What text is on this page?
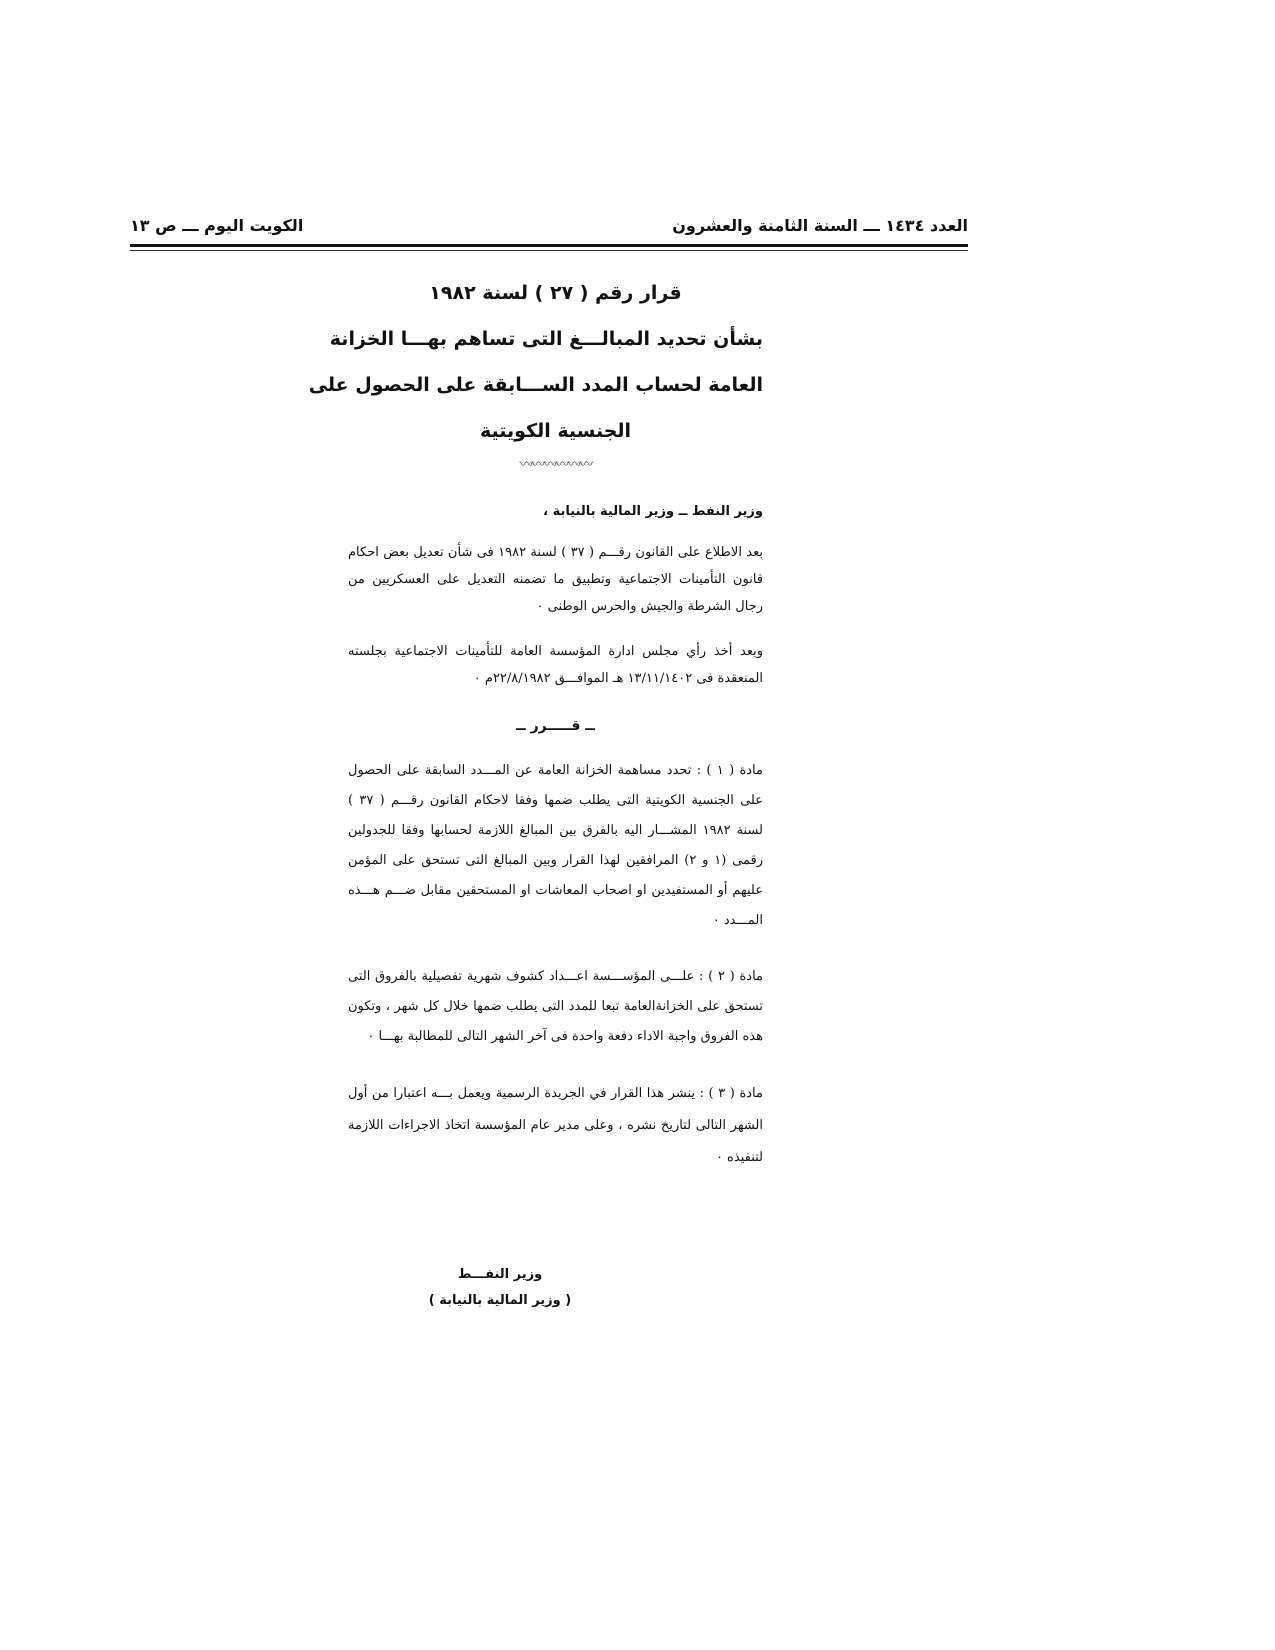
العدد ١٤٣٤ ـــ السنة الثامنة والعشرون
الكويت اليوم ـــ ص ١٣
قرار رقم ( ٢٧ ) لسنة ١٩٨٢
بشأن تحديد المبالـــغ التى تساهم بهـــا الخزانة
العامة لحساب المدد الســـابقة على الحصول على
الجنسية الكويتية
〰〰〰〰〰〰
وزير النفط ــ وزير المالية بالنيابة ،

بعد الاطلاع على القانون رقـــم ( ٣٧ ) لسنة ١٩٨٢ فى شأن تعديل بعض احكام قانون التأمينات الاجتماعية وتطبيق ما تضمنه التعديل على العسكريين من رجال الشرطة والجيش والحرس الوطنى ٠

وبعد أخذ رأي مجلس ادارة المؤسسة العامة للتأمينات الاجتماعية بجلسته المنعقدة فى ١٣/١١/١٤٠٢ هـ الموافـــق ٢٢/٨/١٩٨٢م ٠

ــ قـــــرر ــ

مادة ( ١ ) : تحدد مساهمة الخزانة العامة عن المـــدد السابقة على الحصول على الجنسية الكويتية التى يطلب ضمها وفقا لاحكام القانون رقـــم ( ٣٧ ) لسنة ١٩٨٢ المشـــار اليه بالفرق بين المبالغ اللازمة لحسابها وفقا للجدولين رقمى (١ و ٢) المرافقين لهذا القرار وبين المبالغ التى تستحق على المؤمن عليهم أو المستفيدين او اصحاب المعاشات او المستحقين مقابل ضـــم هـــذه المـــدد ٠

مادة ( ٢ ) : علـــى المؤســـسة اعـــداد كشوف شهرية تفصيلية بالفروق التى تستحق على الخزانةالعامة تبعا للمدد التى يطلب ضمها خلال كل شهر ، وتكون هذه الفروق واجبة الاداء دفعة واحدة فى آخر الشهر التالى للمطالبة بهـــا ٠

مادة ( ٣ ) : ينشر هذا القرار في الجريدة الرسمية ويعمل بـــه اعتبارا من أول الشهر التالى لتاريخ نشره ، وعلى مدير عام المؤسسة اتخاذ الاجراءات اللازمة لتنفيذه ٠

وزير النفـــط
( وزير المالية بالنيابة )
